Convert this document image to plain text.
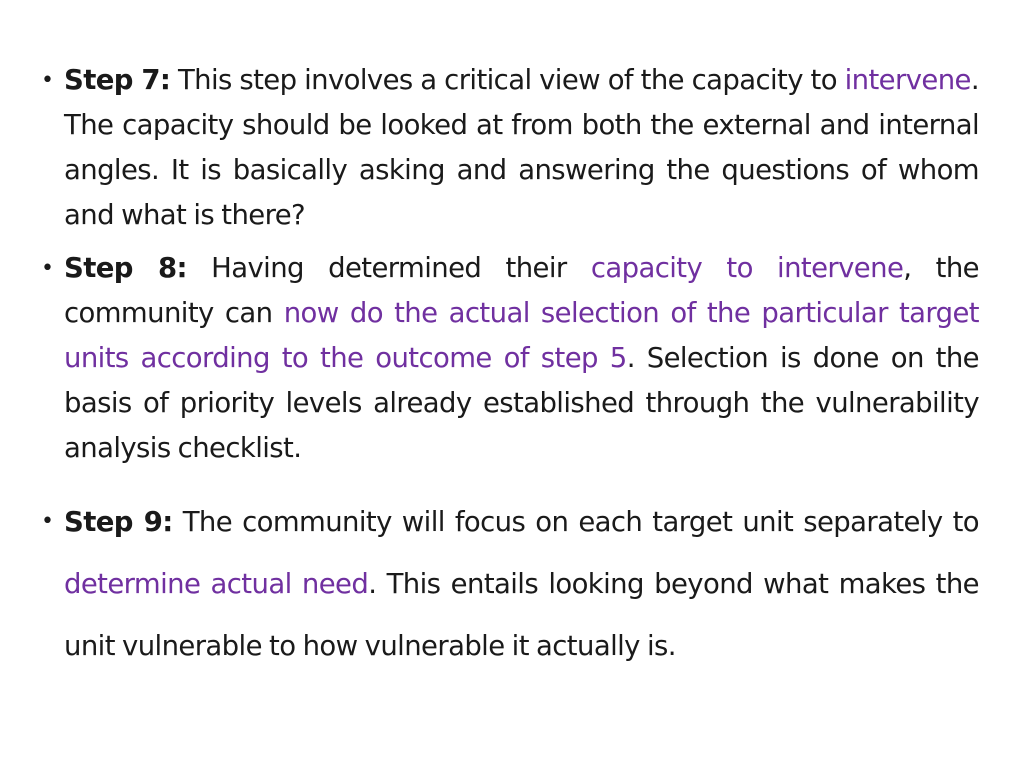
• Step 7: This step involves a critical view of the capacity to intervene. The capacity should be looked at from both the external and internal angles. It is basically asking and answering the questions of whom and what is there?
• Step 8: Having determined their capacity to intervene, the community can now do the actual selection of the particular target units according to the outcome of step 5. Selection is done on the basis of priority levels already established through the vulnerability analysis checklist.
• Step 9: The community will focus on each target unit separately to determine actual need. This entails looking beyond what makes the unit vulnerable to how vulnerable it actually is.
